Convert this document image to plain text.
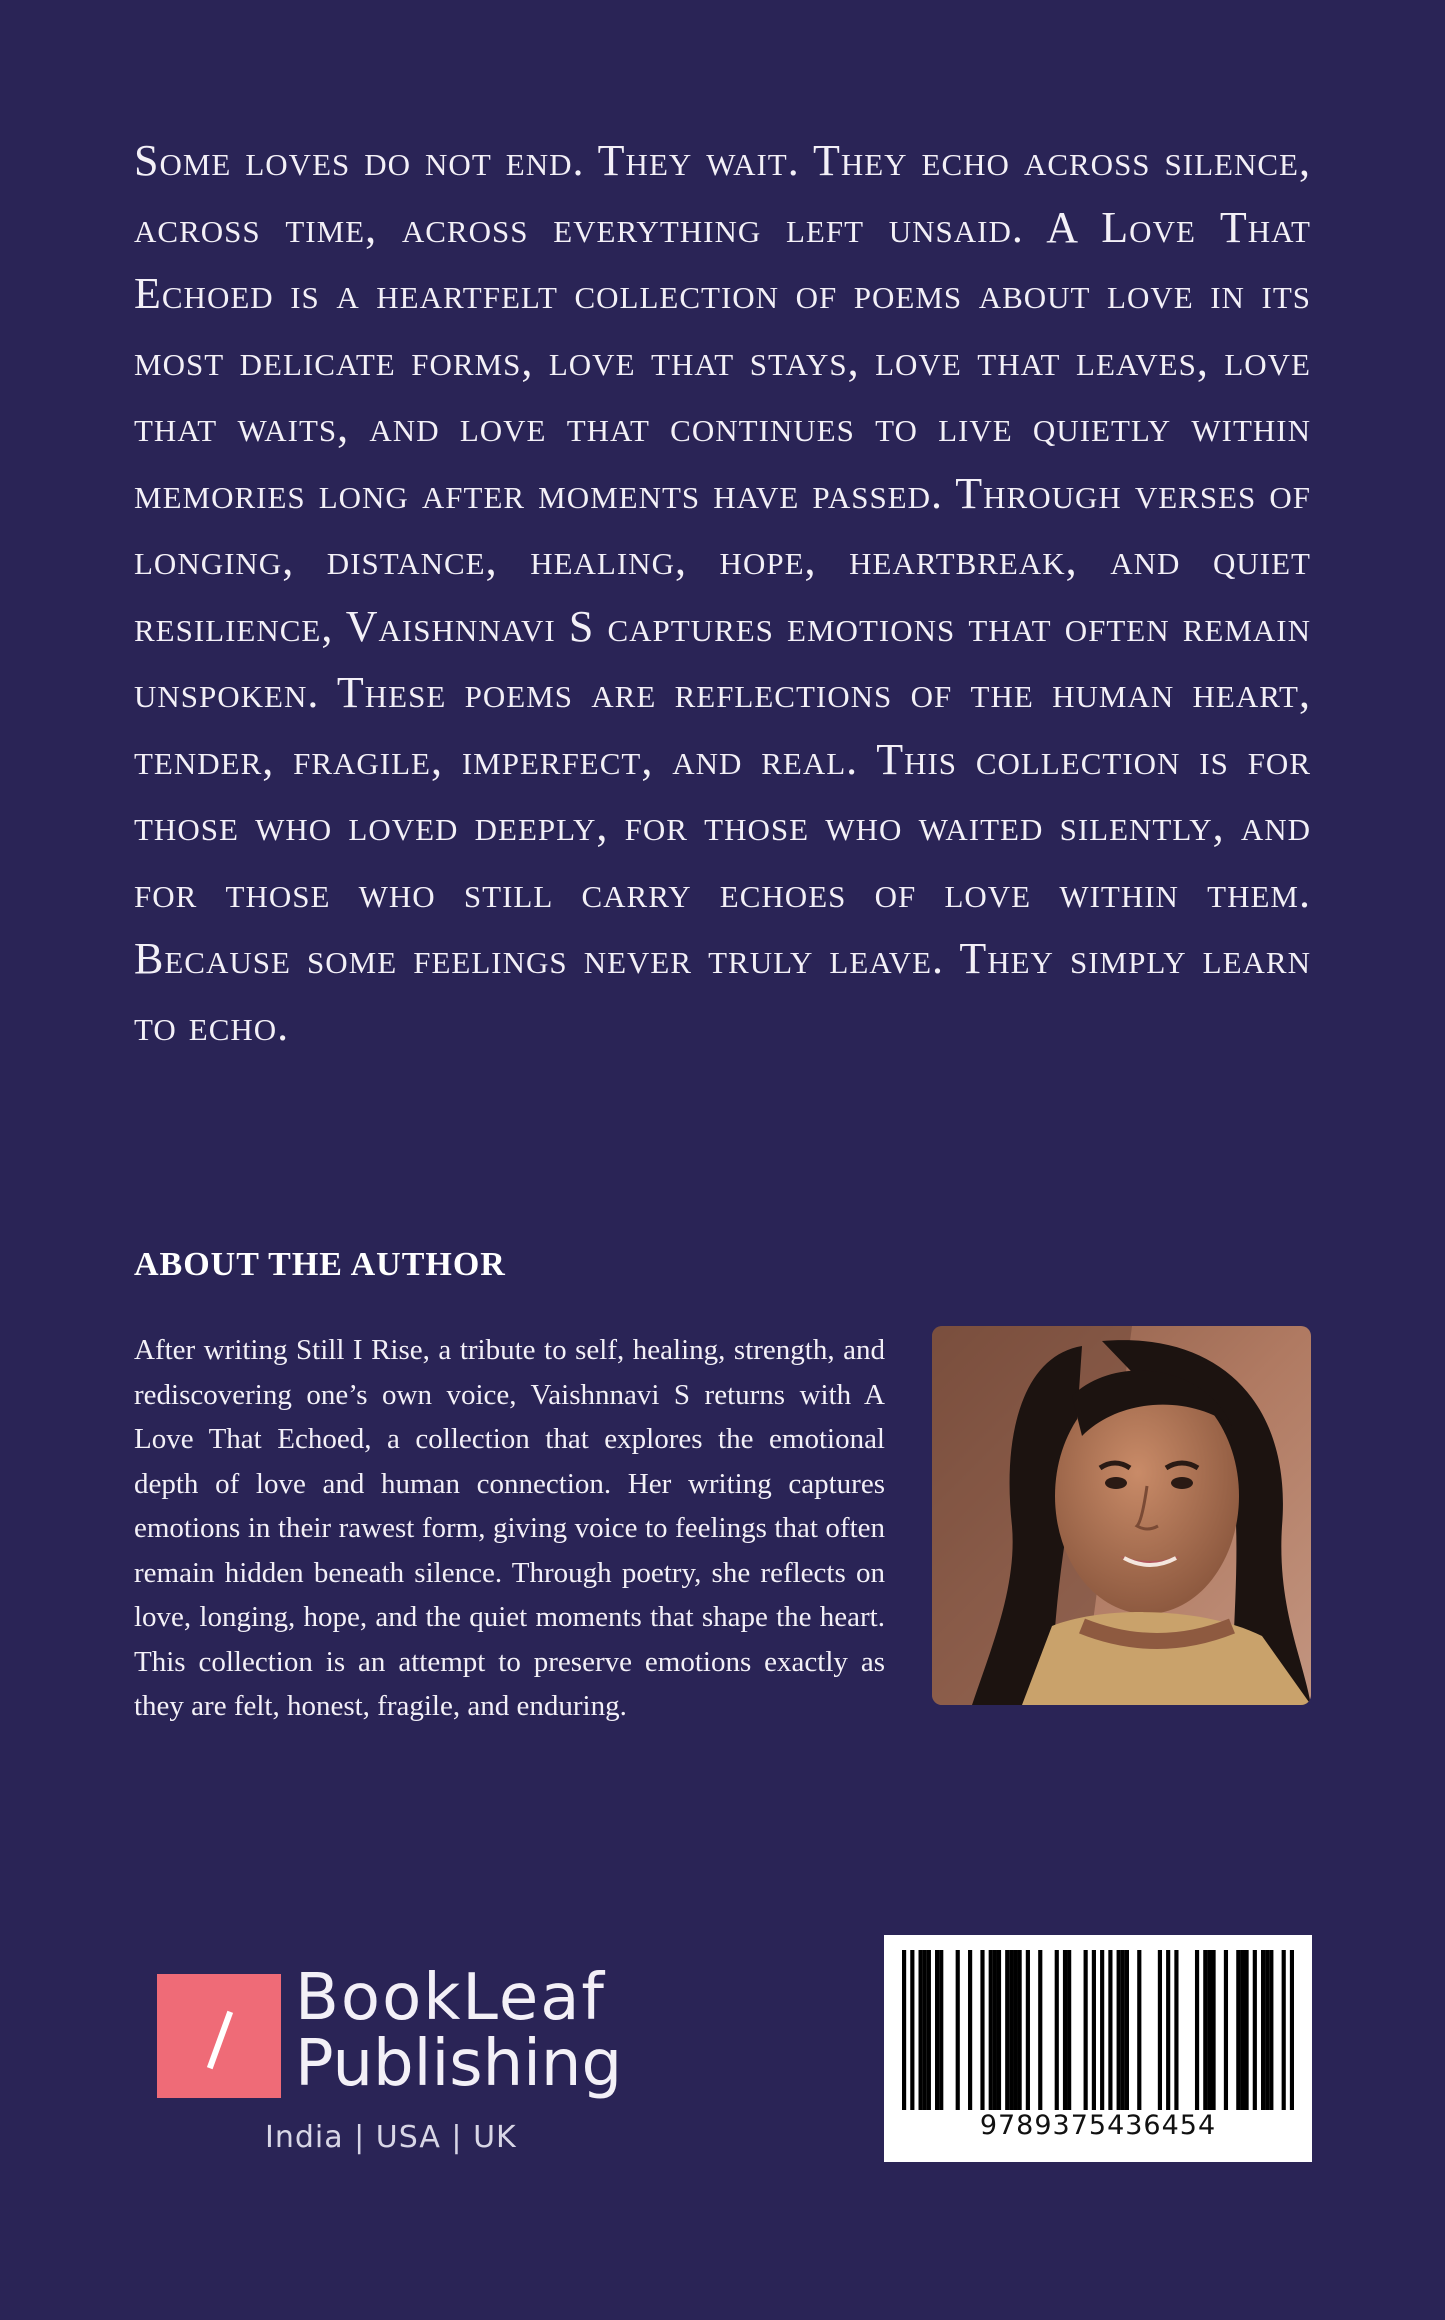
Some loves do not end. They wait. They echo across silence, across time, across everything left unsaid. A Love That Echoed is a heartfelt collection of poems about love in its most delicate forms, love that stays, love that leaves, love that waits, and love that continues to live quietly within memories long after moments have passed. Through verses of longing, distance, healing, hope, heartbreak, and quiet resilience, Vaishnnavi S captures emotions that often remain unspoken. These poems are reflections of the human heart, tender, fragile, imperfect, and real. This collection is for those who loved deeply, for those who waited silently, and for those who still carry echoes of love within them. Because some feelings never truly leave. They simply learn to echo.

ABOUT THE AUTHOR

After writing Still I Rise, a tribute to self, healing, strength, and rediscovering one’s own voice, Vaishnnavi S returns with A Love That Echoed, a collection that explores the emotional depth of love and human connection. Her writing captures emotions in their rawest form, giving voice to feelings that often remain hidden beneath silence. Through poetry, she reflects on love, longing, hope, and the quiet moments that shape the heart. This collection is an attempt to preserve emotions exactly as they are felt, honest, fragile, and enduring.

BookLeaf
Publishing
India | USA | UK	9789375436454
